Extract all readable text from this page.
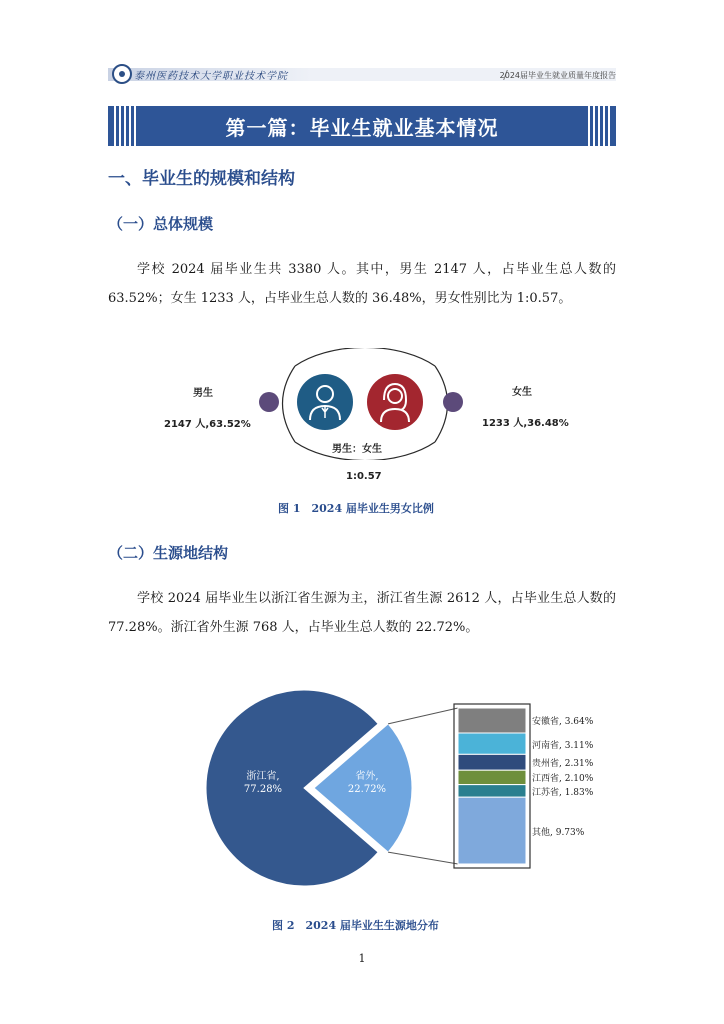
泰州医药技术大学职业技术学院	2024届毕业生就业质量年度报告
第一篇：毕业生就业基本情况
一、毕业生的规模和结构
（一）总体规模
学校 2024 届毕业生共 3380 人。其中，男生 2147 人，占毕业生总人数的 63.52%；女生 1233 人，占毕业生总人数的 36.48%，男女性别比为 1:0.57。
男生
2147 人,63.52%
女生
1233 人,36.48%
男生：女生
1:0.57
图 1　2024 届毕业生男女比例
（二）生源地结构
学校 2024 届毕业生以浙江省生源为主，浙江省生源 2612 人，占毕业生总人数的 77.28%。浙江省外生源 768 人，占毕业生总人数的 22.72%。
浙江省,
77.28%
省外,
22.72%
安徽省, 3.64%
河南省, 3.11%
贵州省, 2.31%
江西省, 2.10%
江苏省, 1.83%
其他, 9.73%
图 2　2024 届毕业生生源地分布
1
